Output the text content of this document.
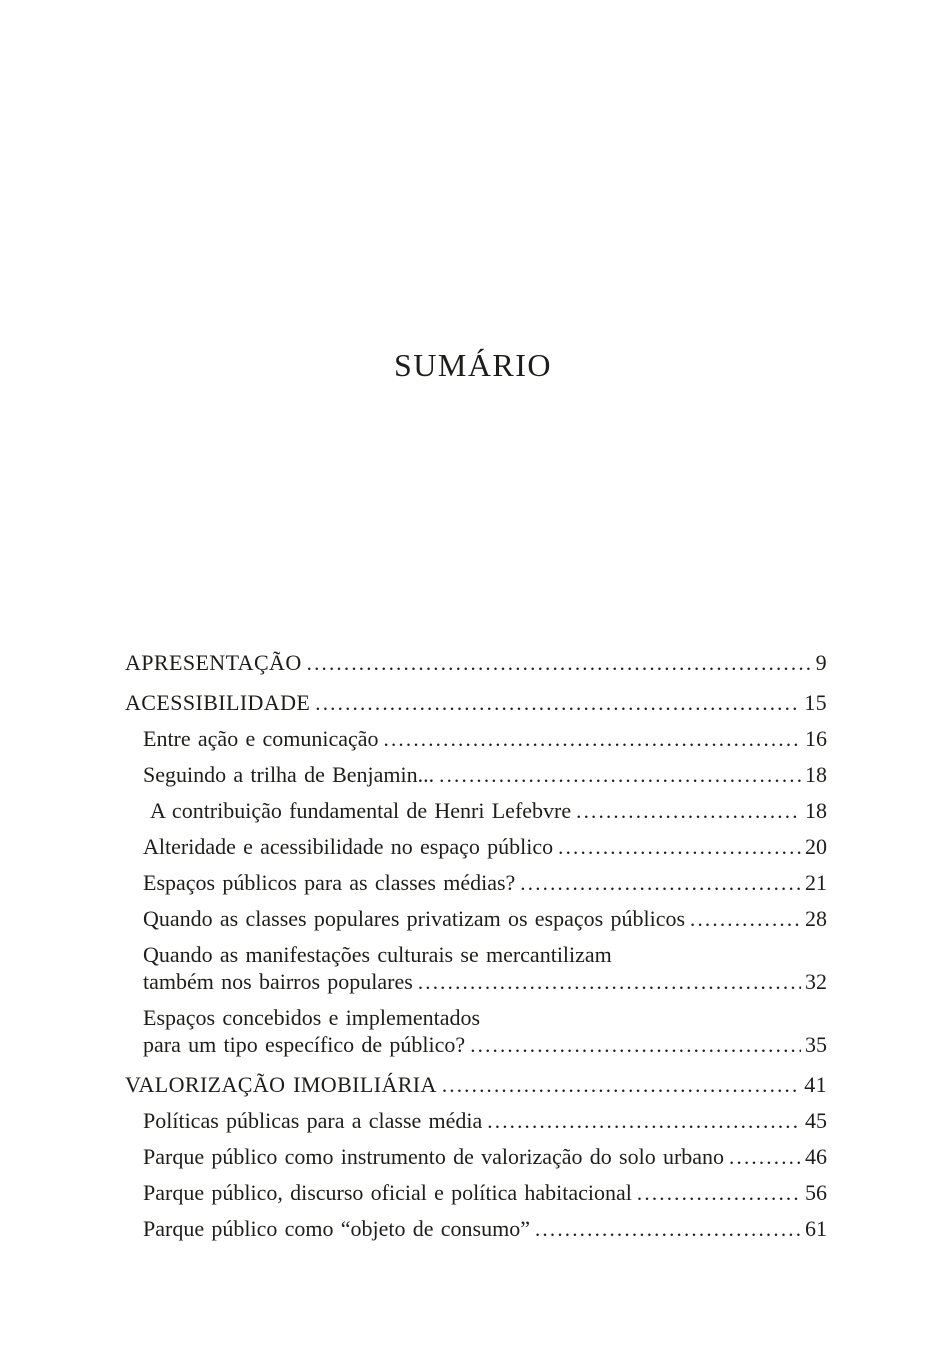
SUMÁRIO
APRESENTAÇÃO .....	9
ACESSIBILIDADE .....	15
Entre ação e comunicação .....	16
Seguindo a trilha de Benjamin... .....	18
A contribuição fundamental de Henri Lefebvre .....	18
Alteridade e acessibilidade no espaço público .....	20
Espaços públicos para as classes médias? .....	21
Quando as classes populares privatizam os espaços públicos .....	28
Quando as manifestações culturais se mercantilizam
também nos bairros populares .....	32
Espaços concebidos e implementados
para um tipo específico de público? .....	35
VALORIZAÇÃO IMOBILIÁRIA .....	41
Políticas públicas para a classe média .....	45
Parque público como instrumento de valorização do solo urbano .....	46
Parque público, discurso oficial e política habitacional .....	56
Parque público como “objeto de consumo” .....	61
